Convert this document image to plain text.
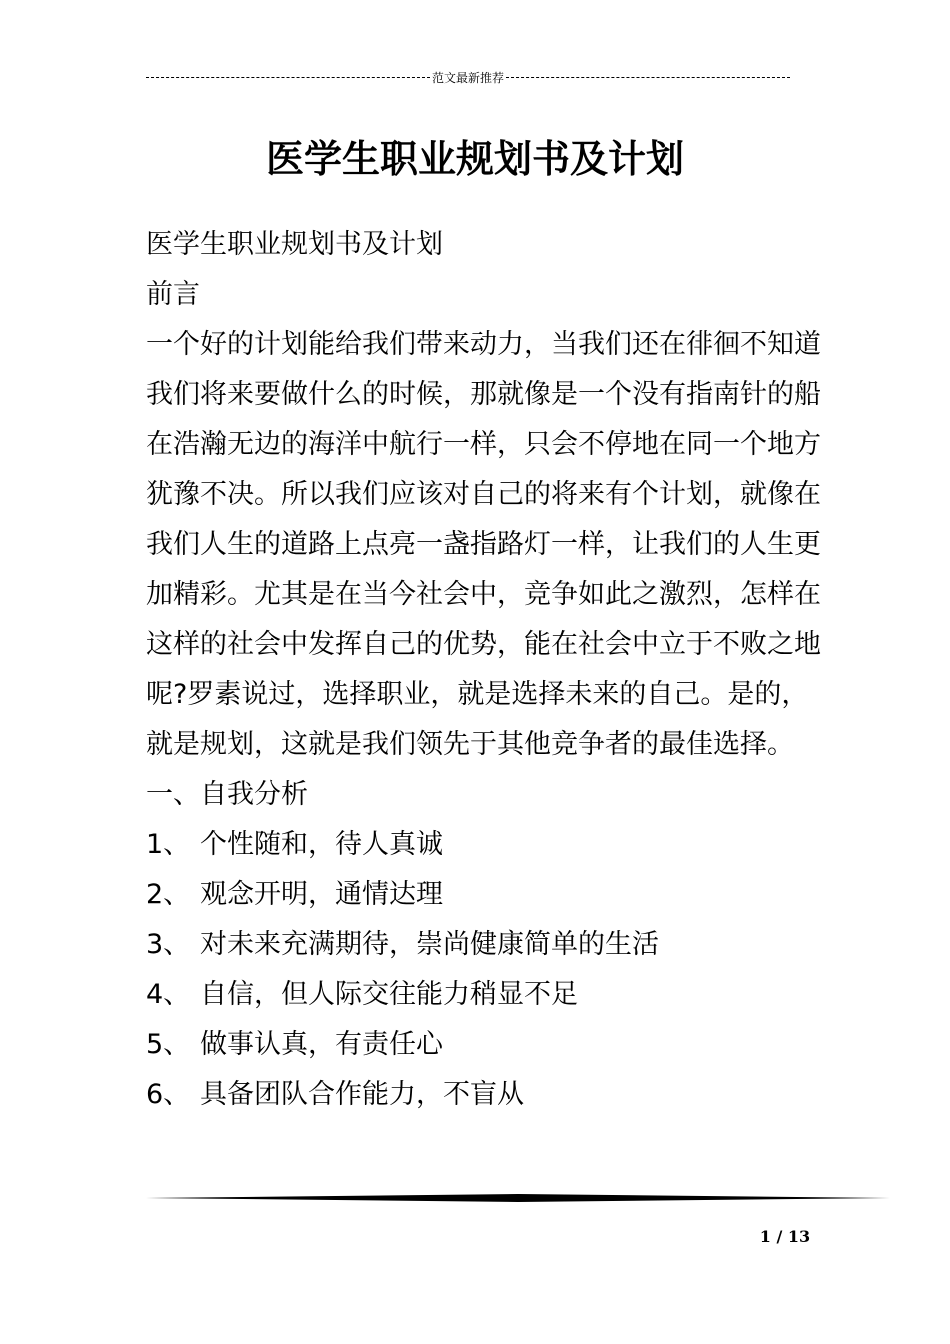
范文最新推荐
医学生职业规划书及计划

医学生职业规划书及计划

前言

一个好的计划能给我们带来动力，当我们还在徘徊不知道我们将来要做什么的时候，那就像是一个没有指南针的船在浩瀚无边的海洋中航行一样，只会不停地在同一个地方犹豫不决。所以我们应该对自己的将来有个计划，就像在我们人生的道路上点亮一盏指路灯一样，让我们的人生更加精彩。尤其是在当今社会中，竞争如此之激烈，怎样在这样的社会中发挥自己的优势，能在社会中立于不败之地呢?罗素说过，选择职业，就是选择未来的自己。是的，就是规划，这就是我们领先于其他竞争者的最佳选择。

一、自我分析

1、 个性随和，待人真诚
2、 观念开明，通情达理
3、 对未来充满期待，崇尚健康简单的生活
4、 自信，但人际交往能力稍显不足
5、 做事认真，有责任心
6、 具备团队合作能力，不盲从
1 / 13
